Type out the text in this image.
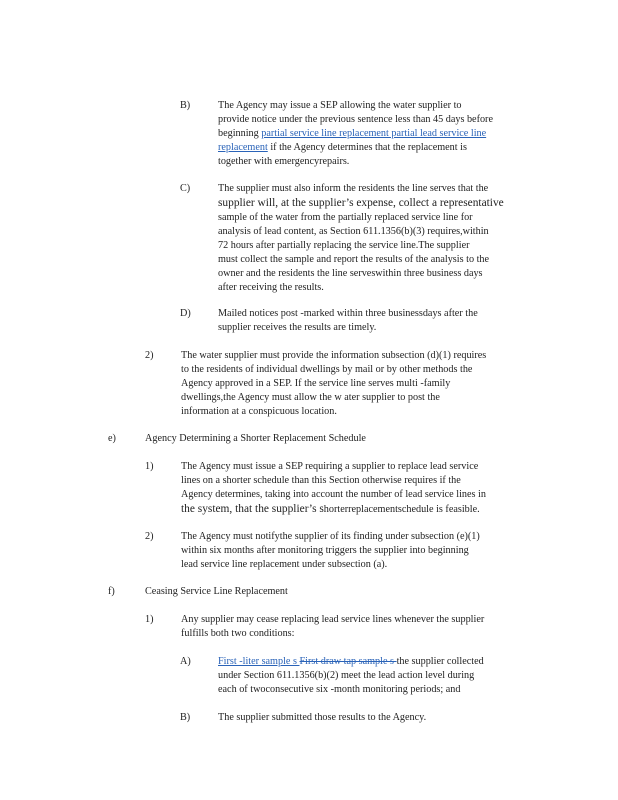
B)	The Agency may issue a SEP allowing the water supplier to
provide notice under the previous sentence less than 45 days before
beginning partial service line replacement partial lead service line
replacement if the Agency determines that the replacement is
together with emergencyrepairs.
C)	The supplier must also inform the residents the line serves that the
supplier will, at the supplier’s expense, collect a representative
sample of the water from the partially replaced service line for
analysis of lead content, as Section 611.1356(b)(3) requires,within
72 hours after partially replacing the service line.The supplier
must collect the sample and report the results of the analysis to the
owner and the residents the line serveswithin three business days
after receiving the results.
D)	Mailed notices post -marked within three businessdays after the
supplier receives the results are timely.
2)	The water supplier must provide the information subsection (d)(1) requires
to the residents of individual dwellings by mail or by other methods the
Agency approved in a SEP. If the service line serves multi -family
dwellings,the Agency must allow the w ater supplier to post the
information at a conspicuous location.
e)	Agency Determining a Shorter Replacement Schedule
1)	The Agency must issue a SEP requiring a supplier to replace lead service
lines on a shorter schedule than this Section otherwise requires if the
Agency determines, taking into account the number of lead service lines in
the system, that the supplier’s shorterreplacementschedule is feasible.
2)	The Agency must notifythe supplier of its finding under subsection (e)(1)
within six months after monitoring triggers the supplier into beginning
lead service line replacement under subsection (a).
f)	Ceasing Service Line Replacement
1)	Any supplier may cease replacing lead service lines whenever the supplier
fulfills both two conditions:
A)	First -liter sample s First draw tap sample s the supplier collected
under Section 611.1356(b)(2) meet the lead action level during
each of twoconsecutive six -month monitoring periods; and
B)	The supplier submitted those results to the Agency.
